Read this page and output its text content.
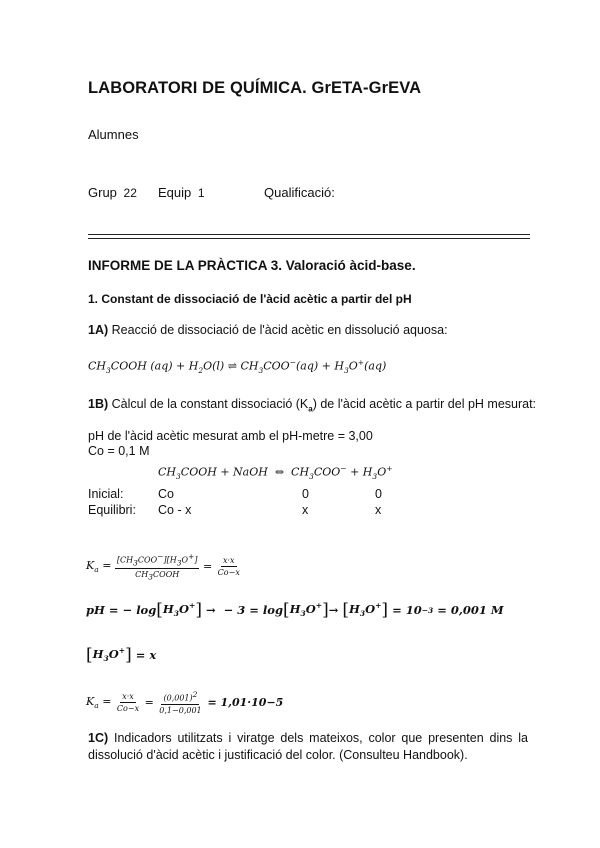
LABORATORI DE QUÍMICA. GrETA-GrEVA
Alumnes
Grup 22 Equip 1	Qualificació:
INFORME DE LA PRÀCTICA 3. Valoració àcid-base.
1. Constant de dissociació de l'àcid acètic a partir del pH
1A) Reacció de dissociació de l'àcid acètic en dissolució aquosa:
$CH_3COOH$ $(aq) + H_2O(l)$ ⇌ $CH_3COO^-(aq) + H_3O^+(aq)$
1B) Càlcul de la constant dissociació $(K_a)$ de l'àcid acètic a partir del pH mesurat:
pH de l'àcid acètic mesurat amb el pH-metre = 3,00
Co = 0,1 M
$CH_3COOH$ + NaOH  ⇔  $CH_3COO^- + H_3O^+$
Inicial:	Co	0	0
Equilibri: Co - x	x	x
$K_a = \frac{[CH_3COO^-][H_3O^+]}{CH_3COOH} = \frac{x\cdot x}{Co-x}$
pH = − log [ $H_3O^+$ ] →  − 3 = log [ $H_3O^+$ ] → [ $H_3O^+$ ]
= 10 −3
= 0,001 M
[ $H_3O^+$ ] = x
$K_a = \frac{x\cdot x}{Co-x} = \frac{(0,001)^2}{0,1-0,001}$
= 1,01·10 −5
1C) Indicadors utilitzats i viratge dels mateixos, color que presenten dins la dissolució d'àcid acètic i justificació del color. (Consulteu Handbook).
